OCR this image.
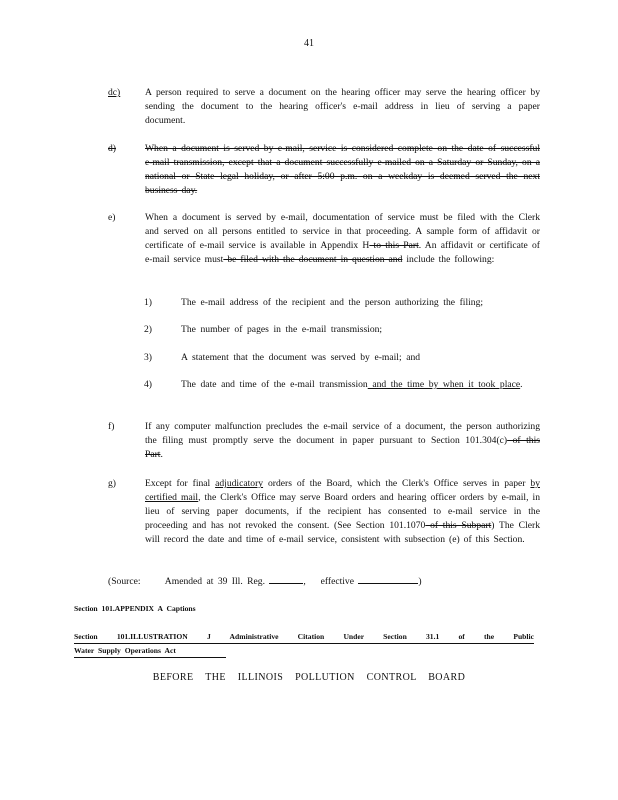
41
dc)	A person required to serve a document on the hearing officer may serve the hearing officer by sending the document to the hearing officer's e-mail address in lieu of serving a paper document.
d)	When a document is served by e-mail, service is considered complete on the date of successful e-mail transmission, except that a document successfully e-mailed on a Saturday or Sunday, on a national or State legal holiday, or after 5:00 p.m. on a weekday is deemed served the next business day.
e)	When a document is served by e-mail, documentation of service must be filed with the Clerk and served on all persons entitled to service in that proceeding. A sample form of affidavit or certificate of e-mail service is available in Appendix H to this Part. An affidavit or certificate of e-mail service must be filed with the document in question and include the following:
1)	The e-mail address of the recipient and the person authorizing the filing;
2)	The number of pages in the e-mail transmission;
3)	A statement that the document was served by e-mail; and
4)	The date and time of the e-mail transmission and the time by when it took place.
f)	If any computer malfunction precludes the e-mail service of a document, the person authorizing the filing must promptly serve the document in paper pursuant to Section 101.304(c) of this Part.
g)	Except for final adjudicatory orders of the Board, which the Clerk's Office serves in paper by certified mail, the Clerk's Office may serve Board orders and hearing officer orders by e-mail, in lieu of serving paper documents, if the recipient has consented to e-mail service in the proceeding and has not revoked the consent. (See Section 101.1070 of this Subpart) The Clerk will record the date and time of e-mail service, consistent with subsection (e) of this Section.
(Source:	Amended at 39 Ill. Reg.	, effective	)
Section 101.APPENDIX A Captions
Section 101.ILLUSTRATION J Administrative Citation Under Section 31.1 of the Public
Water Supply Operations Act
BEFORE THE ILLINOIS POLLUTION CONTROL BOARD
